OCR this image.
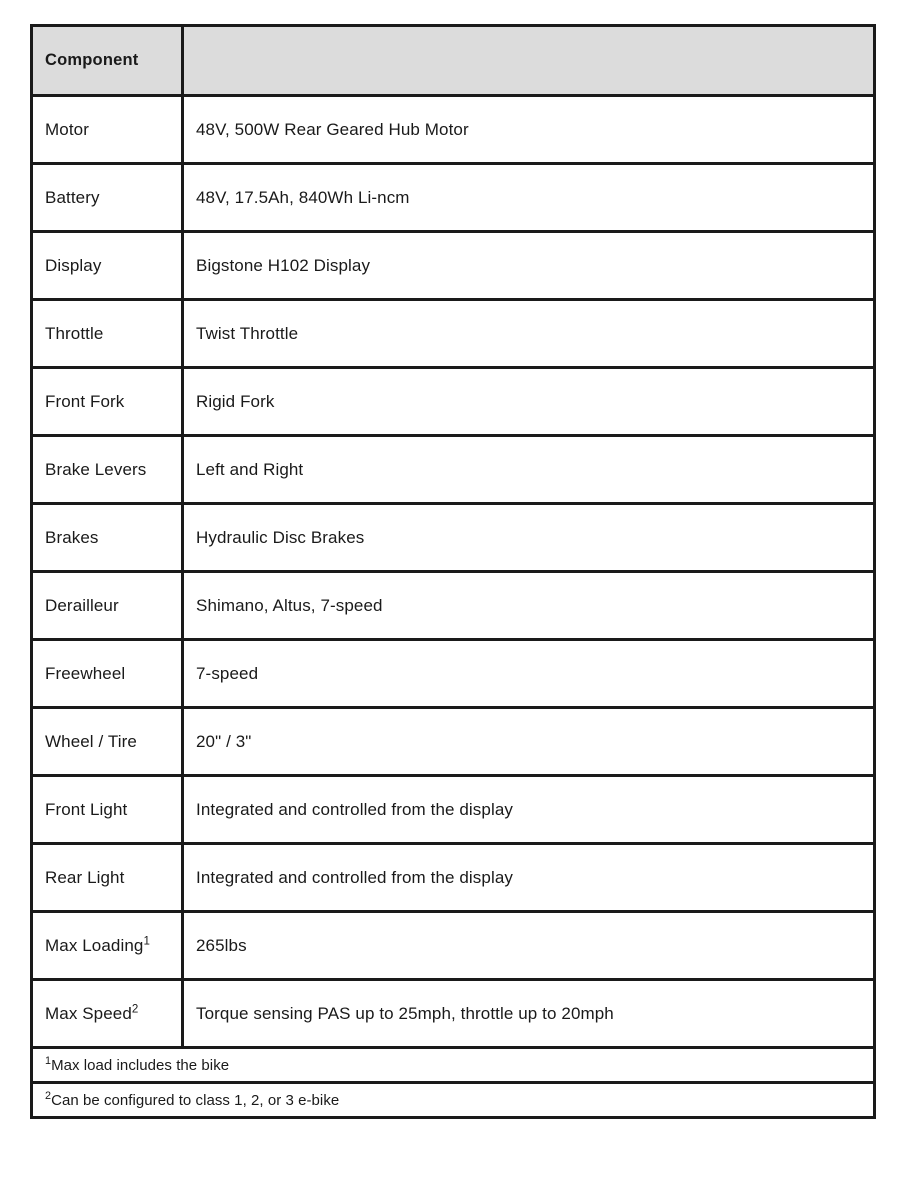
Component	
Motor	48V, 500W Rear Geared Hub Motor
Battery	48V, 17.5Ah, 840Wh Li-ncm
Display	Bigstone H102 Display
Throttle	Twist Throttle
Front Fork	Rigid Fork
Brake Levers	Left and Right
Brakes	Hydraulic Disc Brakes
Derailleur	Shimano, Altus, 7-speed
Freewheel	7-speed
Wheel / Tire	20" / 3"
Front Light	Integrated and controlled from the display
Rear Light	Integrated and controlled from the display
Max Loading$^1$	265lbs
Max Speed$^2$	Torque sensing PAS up to 25mph, throttle up to 20mph
$^1$Max load includes the bike	
$^2$Can be configured to class 1, 2, or 3 e-bike	
